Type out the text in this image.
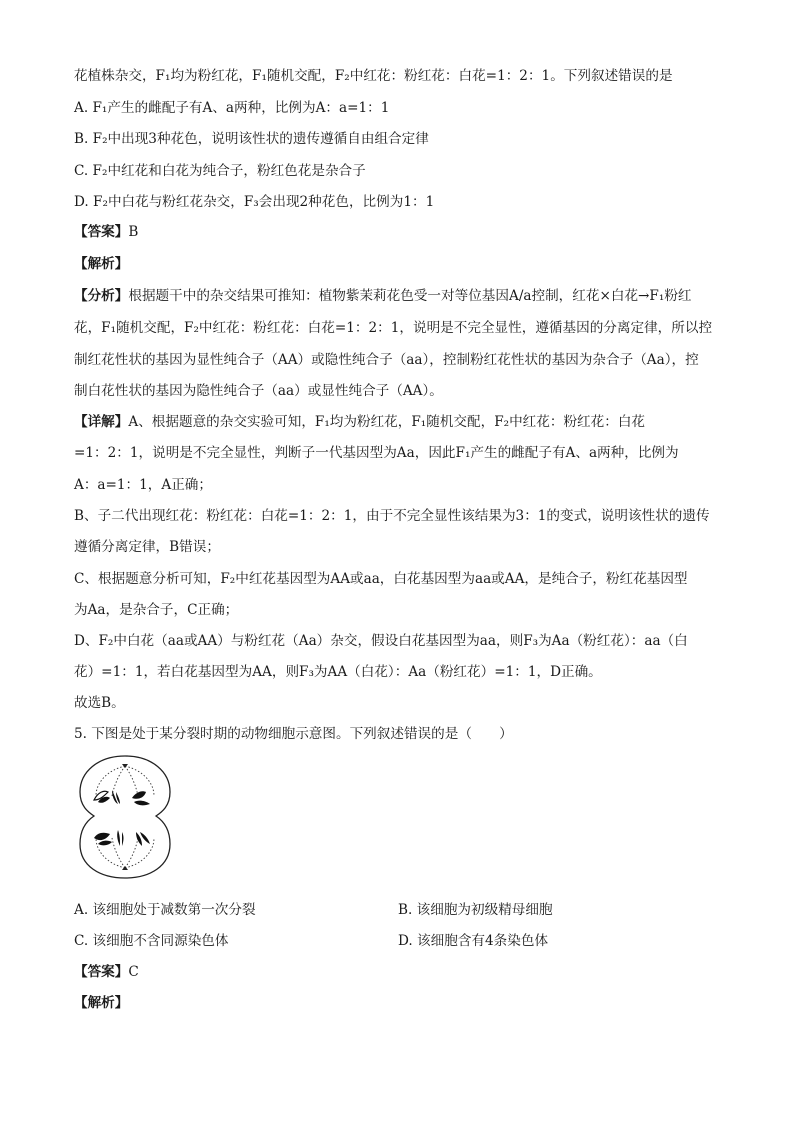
花植株杂交，F₁均为粉红花，F₁随机交配，F₂中红花：粉红花：白花=1：2：1。下列叙述错误的是
A. F₁产生的雌配子有A、a两种，比例为A：a=1：1
B. F₂中出现3种花色，说明该性状的遗传遵循自由组合定律
C. F₂中红花和白花为纯合子，粉红色花是杂合子
D. F₂中白花与粉红花杂交，F₃会出现2种花色，比例为1：1
【答案】B
【解析】
【分析】根据题干中的杂交结果可推知：植物紫茉莉花色受一对等位基因A/a控制，红花×白花→F₁粉红
花，F₁随机交配，F₂中红花：粉红花：白花=1：2：1，说明是不完全显性，遵循基因的分离定律，所以控
制红花性状的基因为显性纯合子（AA）或隐性纯合子（aa），控制粉红花性状的基因为杂合子（Aa），控
制白花性状的基因为隐性纯合子（aa）或显性纯合子（AA）。
【详解】A、根据题意的杂交实验可知，F₁均为粉红花，F₁随机交配，F₂中红花：粉红花：白花
=1：2：1，说明是不完全显性，判断子一代基因型为Aa，因此F₁产生的雌配子有A、a两种，比例为
A：a=1：1，A正确；
B、子二代出现红花：粉红花：白花=1：2：1，由于不完全显性该结果为3：1的变式，说明该性状的遗传
遵循分离定律，B错误；
C、根据题意分析可知，F₂中红花基因型为AA或aa，白花基因型为aa或AA，是纯合子，粉红花基因型
为Aa，是杂合子，C正确；
D、F₂中白花（aa或AA）与粉红花（Aa）杂交，假设白花基因型为aa，则F₃为Aa（粉红花）：aa（白
花）=1：1，若白花基因型为AA，则F₃为AA（白花）：Aa（粉红花）=1：1，D正确。
故选B。
5. 下图是处于某分裂时期的动物细胞示意图。下列叙述错误的是（　　）
A. 该细胞处于减数第一次分裂	B. 该细胞为初级精母细胞
C. 该细胞不含同源染色体	D. 该细胞含有4条染色体
【答案】C
【解析】
